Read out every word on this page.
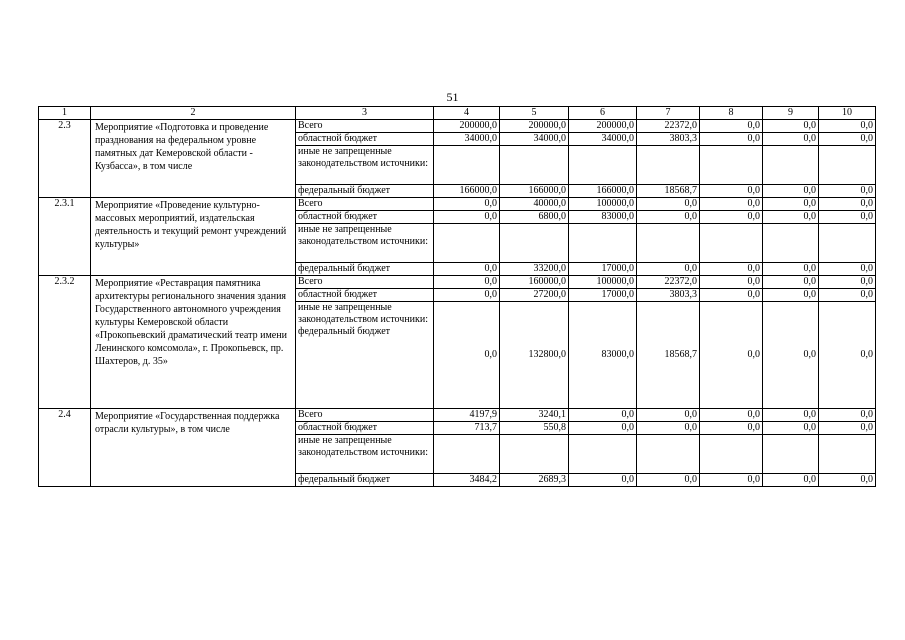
51
1	2	3	4	5	6	7	8	9	10
2.3	Мероприятие «Подготовка и проведение празднования на федеральном уровне памятных дат Кемеровской области - Кузбасса», в том числе	Всего	200000,0	200000,0	200000,0	22372,0	0,0	0,0	0,0
		областной бюджет	34000,0	34000,0	34000,0	3803,3	0,0	0,0	0,0
		иные не запрещенные законодательством источники:							
		федеральный бюджет	166000,0	166000,0	166000,0	18568,7	0,0	0,0	0,0
2.3.1	Мероприятие «Проведение культурно-массовых мероприятий, издательская деятельность и текущий ремонт учреждений культуры»	Всего	0,0	40000,0	100000,0	0,0	0,0	0,0	0,0
		областной бюджет	0,0	6800,0	83000,0	0,0	0,0	0,0	0,0
		иные не запрещенные законодательством источники:							
		федеральный бюджет	0,0	33200,0	17000,0	0,0	0,0	0,0	0,0
2.3.2	Мероприятие «Реставрация памятника архитектуры регионального значения здания Государственного автономного учреждения культуры Кемеровской области «Прокопьевский драматический театр имени Ленинского комсомола», г. Прокопьевск, пр. Шахтеров, д. 35»	Всего	0,0	160000,0	100000,0	22372,0	0,0	0,0	0,0
		областной бюджет	0,0	27200,0	17000,0	3803,3	0,0	0,0	0,0
		иные не запрещенные законодательством источники: федеральный бюджет	0,0	132800,0	83000,0	18568,7	0,0	0,0	0,0
2.4	Мероприятие «Государственная поддержка отрасли культуры», в том числе	Всего	4197,9	3240,1	0,0	0,0	0,0	0,0	0,0
		областной бюджет	713,7	550,8	0,0	0,0	0,0	0,0	0,0
		иные не запрещенные законодательством источники:							
		федеральный бюджет	3484,2	2689,3	0,0	0,0	0,0	0,0	0,0
